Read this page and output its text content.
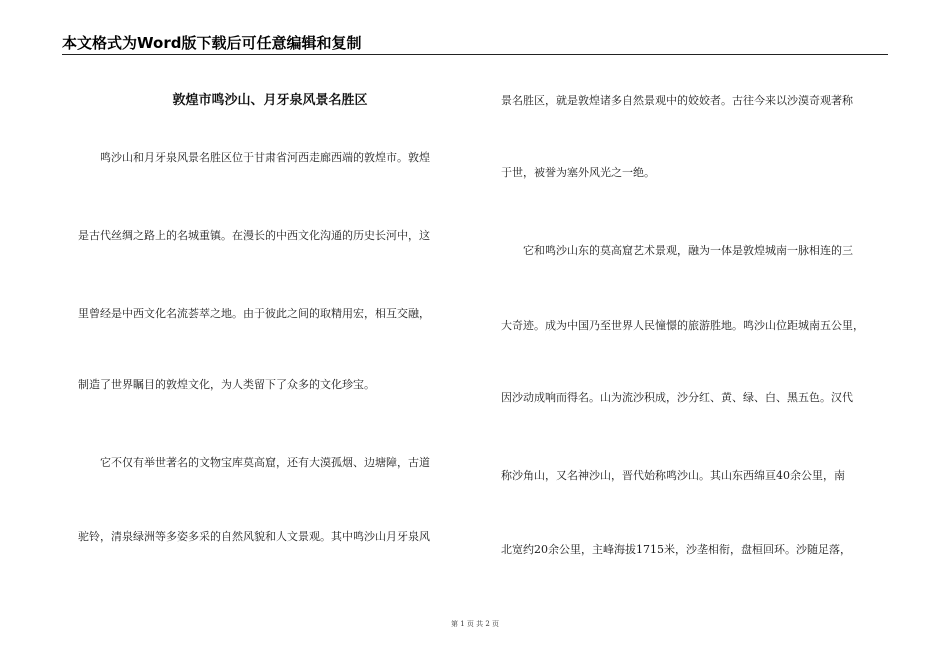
本文格式为Word版下载后可任意编辑和复制
敦煌市鸣沙山、月牙泉风景名胜区
鸣沙山和月牙泉风景名胜区位于甘肃省河西走廊西端的敦煌市。敦煌
是古代丝绸之路上的名城重镇。在漫长的中西文化沟通的历史长河中，这
里曾经是中西文化名流荟萃之地。由于彼此之间的取精用宏，相互交融，
制造了世界瞩目的敦煌文化，为人类留下了众多的文化珍宝。
它不仅有举世著名的文物宝库莫高窟，还有大漠孤烟、边塘障，古道
驼铃，清泉绿洲等多姿多采的自然风貌和人文景观。其中鸣沙山月牙泉风
景名胜区，就是敦煌诸多自然景观中的姣姣者。古往今来以沙漠奇观著称
于世，被誉为塞外风光之一绝。
它和鸣沙山东的莫高窟艺术景观，融为一体是敦煌城南一脉相连的三
大奇迹。成为中国乃至世界人民憧憬的旅游胜地。鸣沙山位距城南五公里，
因沙动成响而得名。山为流沙积成，沙分红、黄、绿、白、黑五色。汉代
称沙角山，又名神沙山，晋代始称鸣沙山。其山东西绵亘40余公里，南
北宽约20余公里，主峰海拔1715米，沙垄相衔，盘桓回环。沙随足落，
第 1 页 共 2 页
